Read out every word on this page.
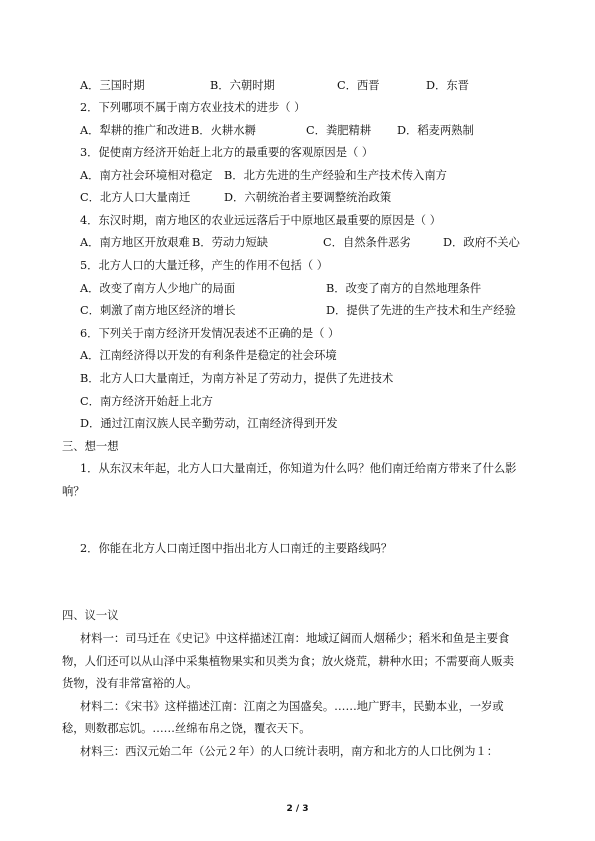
A．三国时期	B．六朝时期	C．西晋	D．东晋
2．下列哪项不属于南方农业技术的进步（ ）
A．犁耕的推广和改进 B．火耕水耨	C．粪肥精耕 D．稻麦两熟制
3．促使南方经济开始赶上北方的最重要的客观原因是（ ）
A．南方社会环境相对稳定 B．北方先进的生产经验和生产技术传入南方
C．北方人口大量南迁	D．六朝统治者主要调整统治政策
4．东汉时期，南方地区的农业远远落后于中原地区最重要的原因是（ ）
A．南方地区开放艰难 B．劳动力短缺	C．自然条件恶劣	D．政府不关心
5．北方人口的大量迁移，产生的作用不包括（ ）
A．改变了南方人少地广的局面	B．改变了南方的自然地理条件
C．刺激了南方地区经济的增长	D．提供了先进的生产技术和生产经验
6．下列关于南方经济开发情况表述不正确的是（ ）
A．江南经济得以开发的有利条件是稳定的社会环境
B．北方人口大量南迁，为南方补足了劳动力，提供了先进技术
C．南方经济开始赶上北方
D．通过江南汉族人民辛勤劳动，江南经济得到开发
三、想一想
1．从东汉末年起，北方人口大量南迁，你知道为什么吗？他们南迁给南方带来了什么影
响？
2．你能在北方人口南迁图中指出北方人口南迁的主要路线吗？
四、议一议
材料一：司马迁在《史记》中这样描述江南：地域辽阔而人烟稀少；稻米和鱼是主要食
物，人们还可以从山泽中采集植物果实和贝类为食；放火烧荒，耕种水田；不需要商人贩卖
货物，没有非常富裕的人。
材料二：《宋书》这样描述江南：江南之为国盛矣。……地广野丰，民勤本业，一岁或
稔，则数郡忘饥。……丝绵布帛之饶，覆衣天下。
材料三：西汉元始二年（公元２年）的人口统计表明，南方和北方的人口比例为１：
2 / 3
